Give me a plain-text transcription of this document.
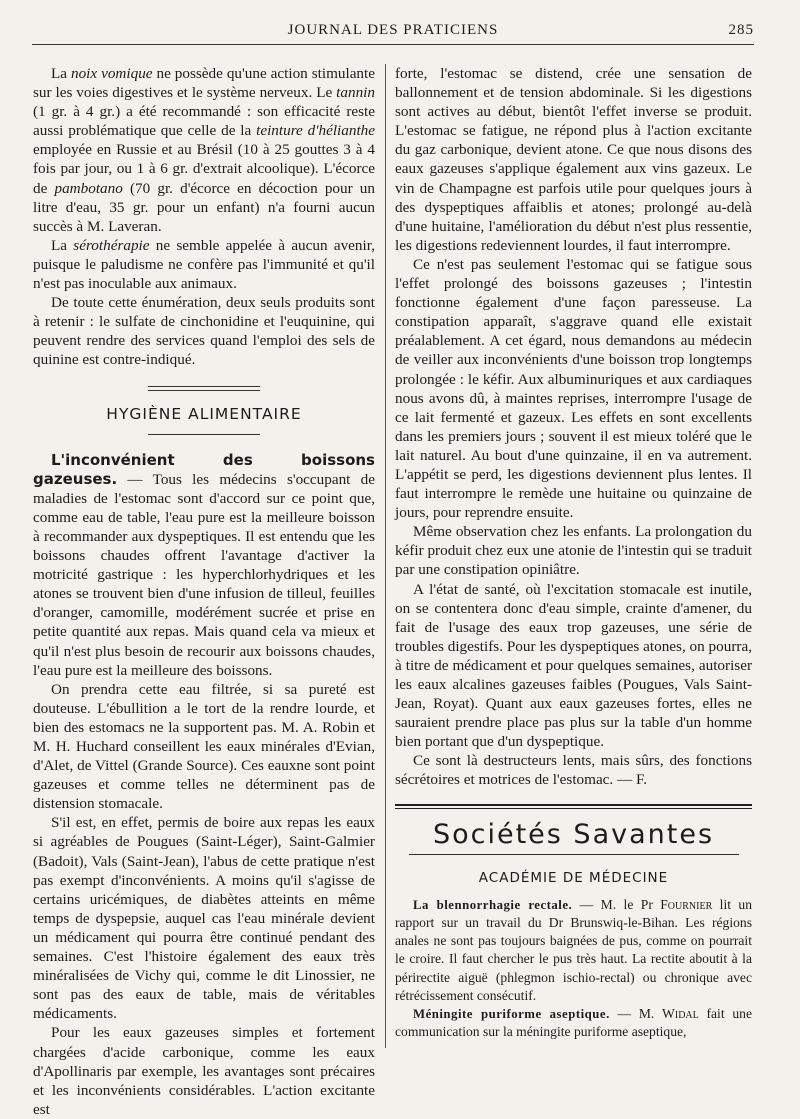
JOURNAL DES PRATICIENS	285

La noix vomique ne possède qu'une action stimulante sur les voies digestives et le système nerveux. Le tannin (1 gr. à 4 gr.) a été recommandé : son efficacité reste aussi problématique que celle de la teinture d'hélianthe employée en Russie et au Brésil (10 à 25 gouttes 3 à 4 fois par jour, ou 1 à 6 gr. d'extrait alcoolique). L'écorce de pambotano (70 gr. d'écorce en décoction pour un litre d'eau, 35 gr. pour un enfant) n'a fourni aucun succès à M. Laveran.

La sérothérapie ne semble appelée à aucun avenir, puisque le paludisme ne confère pas l'immunité et qu'il n'est pas inoculable aux animaux.

De toute cette énumération, deux seuls produits sont à retenir : le sulfate de cinchonidine et l'euquinine, qui peuvent rendre des services quand l'emploi des sels de quinine est contre-indiqué.

HYGIÈNE ALIMENTAIRE

L'inconvénient des boissons gazeuses. — Tous les médecins s'occupant de maladies de l'estomac sont d'accord sur ce point que, comme eau de table, l'eau pure est la meilleure boisson à recommander aux dyspeptiques. Il est entendu que les boissons chaudes offrent l'avantage d'activer la motricité gastrique : les hyperchlorhydriques et les atones se trouvent bien d'une infusion de tilleul, feuilles d'oranger, camomille, modérément sucrée et prise en petite quantité aux repas. Mais quand cela va mieux et qu'il n'est plus besoin de recourir aux boissons chaudes, l'eau pure est la meilleure des boissons.

On prendra cette eau filtrée, si sa pureté est douteuse. L'ébullition a le tort de la rendre lourde, et bien des estomacs ne la supportent pas. M. A. Robin et M. H. Huchard conseillent les eaux minérales d'Evian, d'Alet, de Vittel (Grande Source). Ces eauxne sont point gazeuses et comme telles ne déterminent pas de distension stomacale.

S'il est, en effet, permis de boire aux repas les eaux si agréables de Pougues (Saint-Léger), Saint-Galmier (Badoit), Vals (Saint-Jean), l'abus de cette pratique n'est pas exempt d'inconvénients. A moins qu'il s'agisse de certains uricémiques, de diabètes atteints en même temps de dyspepsie, auquel cas l'eau minérale devient un médicament qui pourra être continué pendant des semaines. C'est l'histoire également des eaux très minéralisées de Vichy qui, comme le dit Linossier, ne sont pas des eaux de table, mais de véritables médicaments.

Pour les eaux gazeuses simples et fortement chargées d'acide carbonique, comme les eaux d'Apollinaris par exemple, les avantages sont précaires et les inconvénients considérables. L'action excitante est

forte, l'estomac se distend, crée une sensation de ballonnement et de tension abdominale. Si les digestions sont actives au début, bientôt l'effet inverse se produit. L'estomac se fatigue, ne répond plus à l'action excitante du gaz carbonique, devient atone. Ce que nous disons des eaux gazeuses s'applique également aux vins gazeux. Le vin de Champagne est parfois utile pour quelques jours à des dyspeptiques affaiblis et atones; prolongé au-delà d'une huitaine, l'amélioration du début n'est plus ressentie, les digestions redeviennent lourdes, il faut interrompre.

Ce n'est pas seulement l'estomac qui se fatigue sous l'effet prolongé des boissons gazeuses ; l'intestin fonctionne également d'une façon paresseuse. La constipation apparaît, s'aggrave quand elle existait préalablement. A cet égard, nous demandons au médecin de veiller aux inconvénients d'une boisson trop longtemps prolongée : le kéfir. Aux albuminuriques et aux cardiaques nous avons dû, à maintes reprises, interrompre l'usage de ce lait fermenté et gazeux. Les effets en sont excellents dans les premiers jours ; souvent il est mieux toléré que le lait naturel. Au bout d'une quinzaine, il en va autrement. L'appétit se perd, les digestions deviennent plus lentes. Il faut interrompre le remède une huitaine ou quinzaine de jours, pour reprendre ensuite.

Même observation chez les enfants. La prolongation du kéfir produit chez eux une atonie de l'intestin qui se traduit par une constipation opiniâtre.

A l'état de santé, où l'excitation stomacale est inutile, on se contentera donc d'eau simple, crainte d'amener, du fait de l'usage des eaux trop gazeuses, une série de troubles digestifs. Pour les dyspeptiques atones, on pourra, à titre de médicament et pour quelques semaines, autoriser les eaux alcalines gazeuses faibles (Pougues, Vals Saint-Jean, Royat). Quant aux eaux gazeuses fortes, elles ne sauraient prendre place pas plus sur la table d'un homme bien portant que d'un dyspeptique.

Ce sont là destructeurs lents, mais sûrs, des fonctions sécrétoires et motrices de l'estomac. — F.

Sociétés Savantes
ACADÉMIE DE MÉDECINE

La blennorrhagie rectale. — M. le Pr Fournier lit un rapport sur un travail du Dr Brunswiq-le-Bihan. Les régions anales ne sont pas toujours baignées de pus, comme on pourrait le croire. Il faut chercher le pus très haut. La rectite aboutit à la périrectite aiguë (phlegmon ischio-rectal) ou chronique avec rétrécissement consécutif.

Méningite puriforme aseptique. — M. Widal fait une communication sur la méningite puriforme aseptique,
